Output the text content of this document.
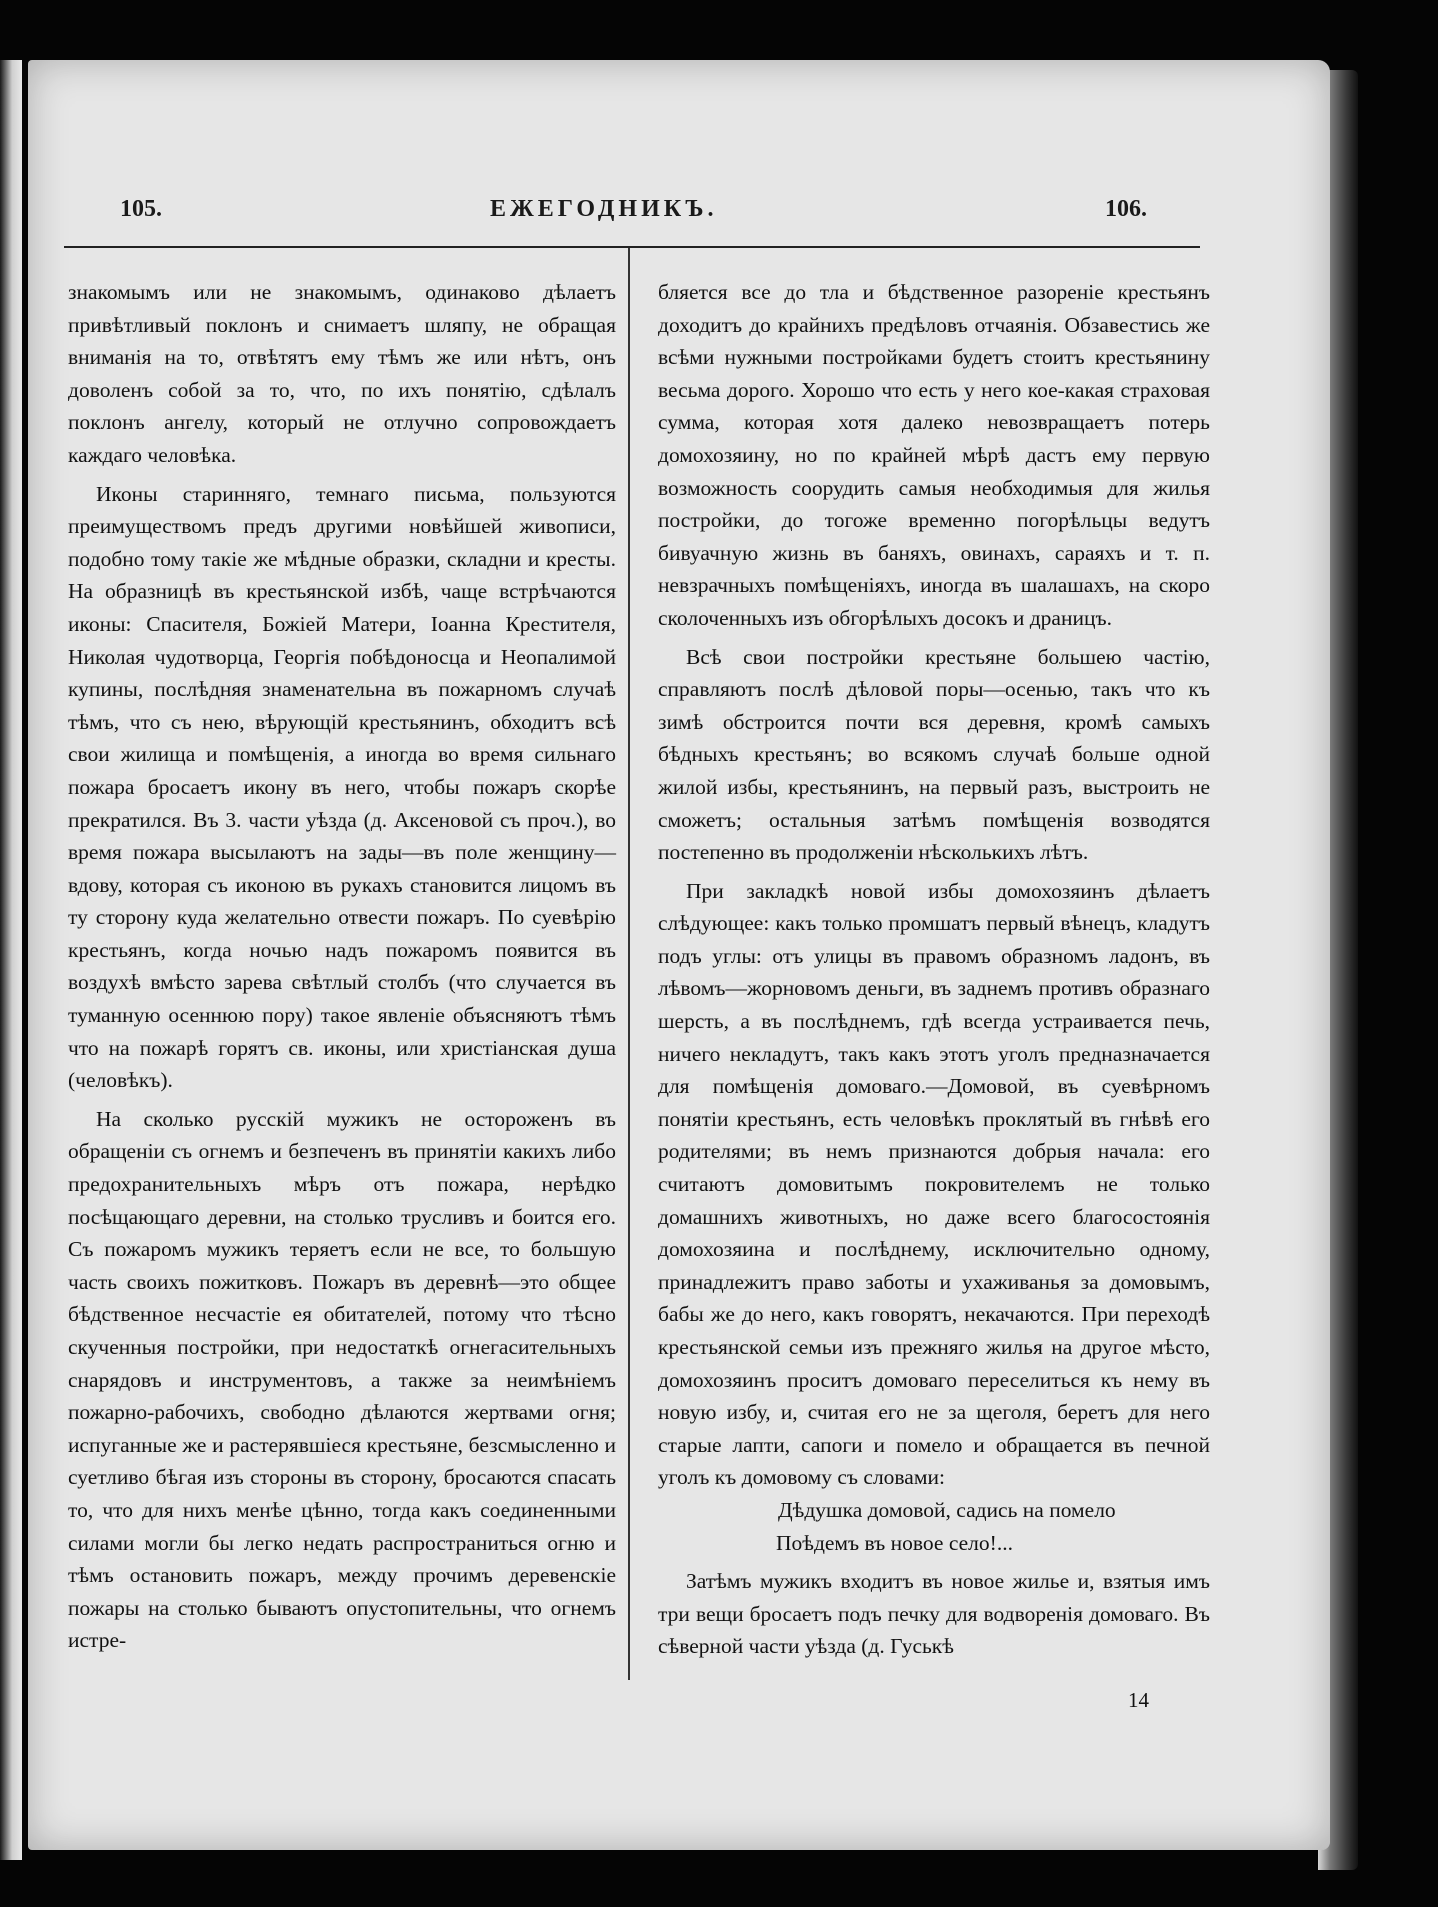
105.	ЕЖЕГОДНИКЪ.	106.

знакомымъ или не знакомымъ, одинаково дѣлаетъ привѣтливый поклонъ и снимаетъ шляпу, не обращая вниманія на то, отвѣтятъ ему тѣмъ же или нѣтъ, онъ доволенъ собой за то, что, по ихъ понятію, сдѣлалъ поклонъ ангелу, который не отлучно сопровождаетъ каждаго человѣка.

Иконы старинняго, темнаго письма, пользуются преимуществомъ предъ другими новѣйшей живописи, подобно тому такіе же мѣдные образки, складни и кресты. На образницѣ въ крестьянской избѣ, чаще встрѣчаются иконы: Спасителя, Божіей Матери, Іоанна Крестителя, Николая чудотворца, Георгія побѣдоносца и Неопалимой купины, послѣдняя знаменательна въ пожарномъ случаѣ тѣмъ, что съ нею, вѣрующій крестьянинъ, обходитъ всѣ свои жилища и помѣщенія, а иногда во время сильнаго пожара бросаетъ икону въ него, чтобы пожаръ скорѣе прекратился. Въ 3. части уѣзда (д. Аксеновой съ проч.), во время пожара высылаютъ на зады—въ поле женщину—вдову, которая съ иконою въ рукахъ становится лицомъ въ ту сторону куда желательно отвести пожаръ. По суевѣрію крестьянъ, когда ночью надъ пожаромъ появится въ воздухѣ вмѣсто зарева свѣтлый столбъ (что случается въ туманную осеннюю пору) такое явленіе объясняютъ тѣмъ что на пожарѣ горятъ св. иконы, или христіанская душа (человѣкъ).

На сколько русскій мужикъ не остороженъ въ обращеніи съ огнемъ и безпеченъ въ принятіи какихъ либо предохранительныхъ мѣръ отъ пожара, нерѣдко посѣщающаго деревни, на столько трусливъ и боится его. Съ пожаромъ мужикъ теряетъ если не все, то большую часть своихъ пожитковъ. Пожаръ въ деревнѣ—это общее бѣдственное несчастіе ея обитателей, потому что тѣсно скученныя постройки, при недостаткѣ огнегасительныхъ снарядовъ и инструментовъ, а также за неимѣніемъ пожарно-рабочихъ, свободно дѣлаются жертвами огня; испуганные же и растерявшіеся крестьяне, безсмысленно и суетливо бѣгая изъ стороны въ сторону, бросаются спасать то, что для нихъ менѣе цѣнно, тогда какъ соединенными силами могли бы легко недать распространиться огню и тѣмъ остановить пожаръ, между прочимъ деревенскіе пожары на столько бываютъ опустопительны, что огнемъ истре-

бляется все до тла и бѣдственное разореніе крестьянъ доходитъ до крайнихъ предѣловъ отчаянія. Обзавестись же всѣми нужными постройками будетъ стоитъ крестьянину весьма дорого. Хорошо что есть у него кое-какая страховая сумма, которая хотя далеко невозвращаетъ потерь домохозяину, но по крайней мѣрѣ дастъ ему первую возможность соорудить самыя необходимыя для жилья постройки, до тогоже временно погорѣльцы ведутъ бивуачную жизнь въ баняхъ, овинахъ, сараяхъ и т. п. невзрачныхъ помѣщеніяхъ, иногда въ шалашахъ, на скоро сколоченныхъ изъ обгорѣлыхъ досокъ и драницъ.

Всѣ свои постройки крестьяне большею частію, справляютъ послѣ дѣловой поры—осенью, такъ что къ зимѣ обстроится почти вся деревня, кромѣ самыхъ бѣдныхъ крестьянъ; во всякомъ случаѣ больше одной жилой избы, крестьянинъ, на первый разъ, выстроить не сможетъ; остальныя затѣмъ помѣщенія возводятся постепенно въ продолженіи нѣсколькихъ лѣтъ.

При закладкѣ новой избы домохозяинъ дѣлаетъ слѣдующее: какъ только промшатъ первый вѣнецъ, кладутъ подъ углы: отъ улицы въ правомъ образномъ ладонъ, въ лѣвомъ—жорновомъ деньги, въ заднемъ противъ образнаго шерсть, а въ послѣднемъ, гдѣ всегда устраивается печь, ничего некладутъ, такъ какъ этотъ уголъ предназначается для помѣщенія домоваго.—Домовой, въ суевѣрномъ понятіи крестьянъ, есть человѣкъ проклятый въ гнѣвѣ его родителями; въ немъ признаются добрыя начала: его считаютъ домовитымъ покровителемъ не только домашнихъ животныхъ, но даже всего благосостоянія домохозяина и послѣднему, исключительно одному, принадлежитъ право заботы и ухаживанья за домовымъ, бабы же до него, какъ говорятъ, некачаются. При переходѣ крестьянской семьи изъ прежняго жилья на другое мѣсто, домохозяинъ проситъ домоваго переселиться къ нему въ новую избу, и, считая его не за щеголя, беретъ для него старые лапти, сапоги и помело и обращается въ печной уголъ къ домовому съ словами:

Дѣдушка домовой, садись на помело

Поѣдемъ въ новое село!...

Затѣмъ мужикъ входитъ въ новое жилье и, взятыя имъ три вещи бросаетъ подъ печку для водворенія домоваго. Въ сѣверной части уѣзда (д. Гуськѣ

14
